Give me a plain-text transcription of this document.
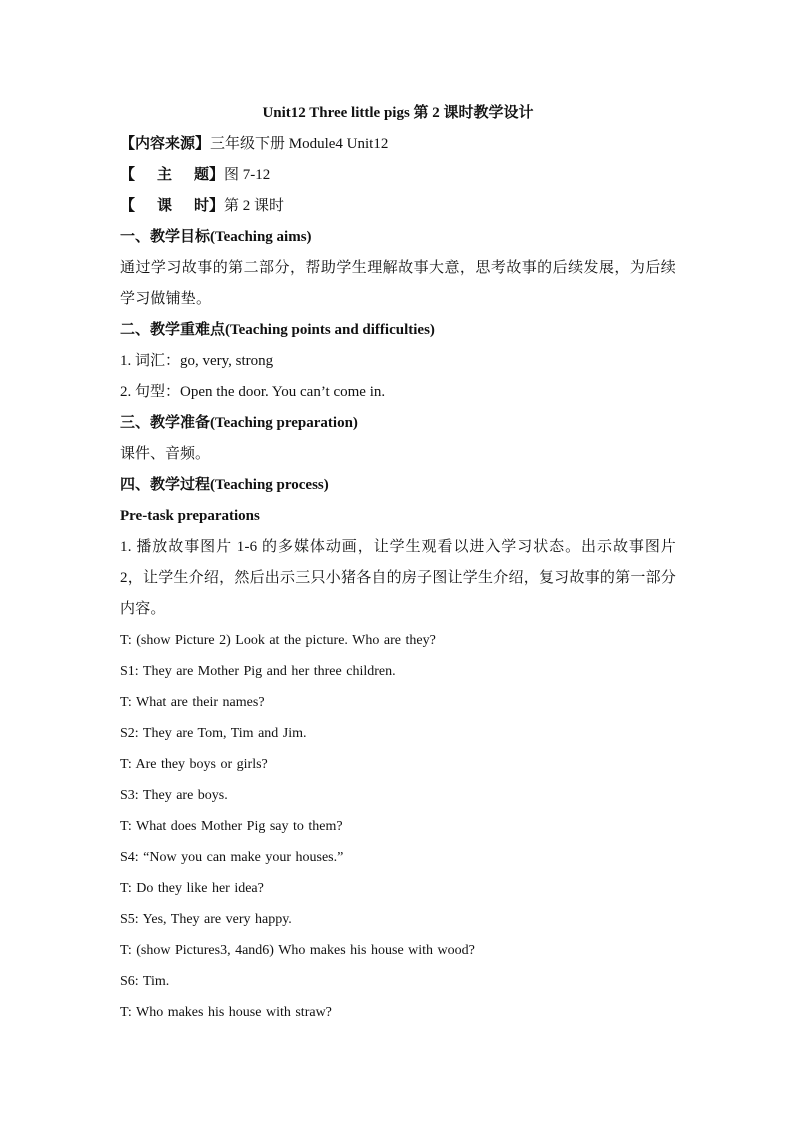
Unit12 Three little pigs 第 2 课时教学设计
【内容来源】三年级下册 Module4 Unit12
【主题】图 7-12
【课时】第 2 课时
一、教学目标(Teaching aims)
通过学习故事的第二部分，帮助学生理解故事大意，思考故事的后续发展，为后续学习做铺垫。
二、教学重难点(Teaching points and difficulties)
1. 词汇：go, very, strong
2. 句型：Open the door. You can’t come in.
三、教学准备(Teaching preparation)
课件、音频。
四、教学过程(Teaching process)
Pre-task preparations
1. 播放故事图片 1-6 的多媒体动画，让学生观看以进入学习状态。出示故事图片 2，让学生介绍，然后出示三只小猪各自的房子图让学生介绍，复习故事的第一部分内容。
T: (show Picture 2) Look at the picture. Who are they?
S1: They are Mother Pig and her three children.
T: What are their names?
S2: They are Tom, Tim and Jim.
T: Are they boys or girls?
S3: They are boys.
T: What does Mother Pig say to them?
S4: “Now you can make your houses.”
T: Do they like her idea?
S5: Yes, They are very happy.
T: (show Pictures3, 4and6) Who makes his house with wood?
S6: Tim.
T: Who makes his house with straw?
